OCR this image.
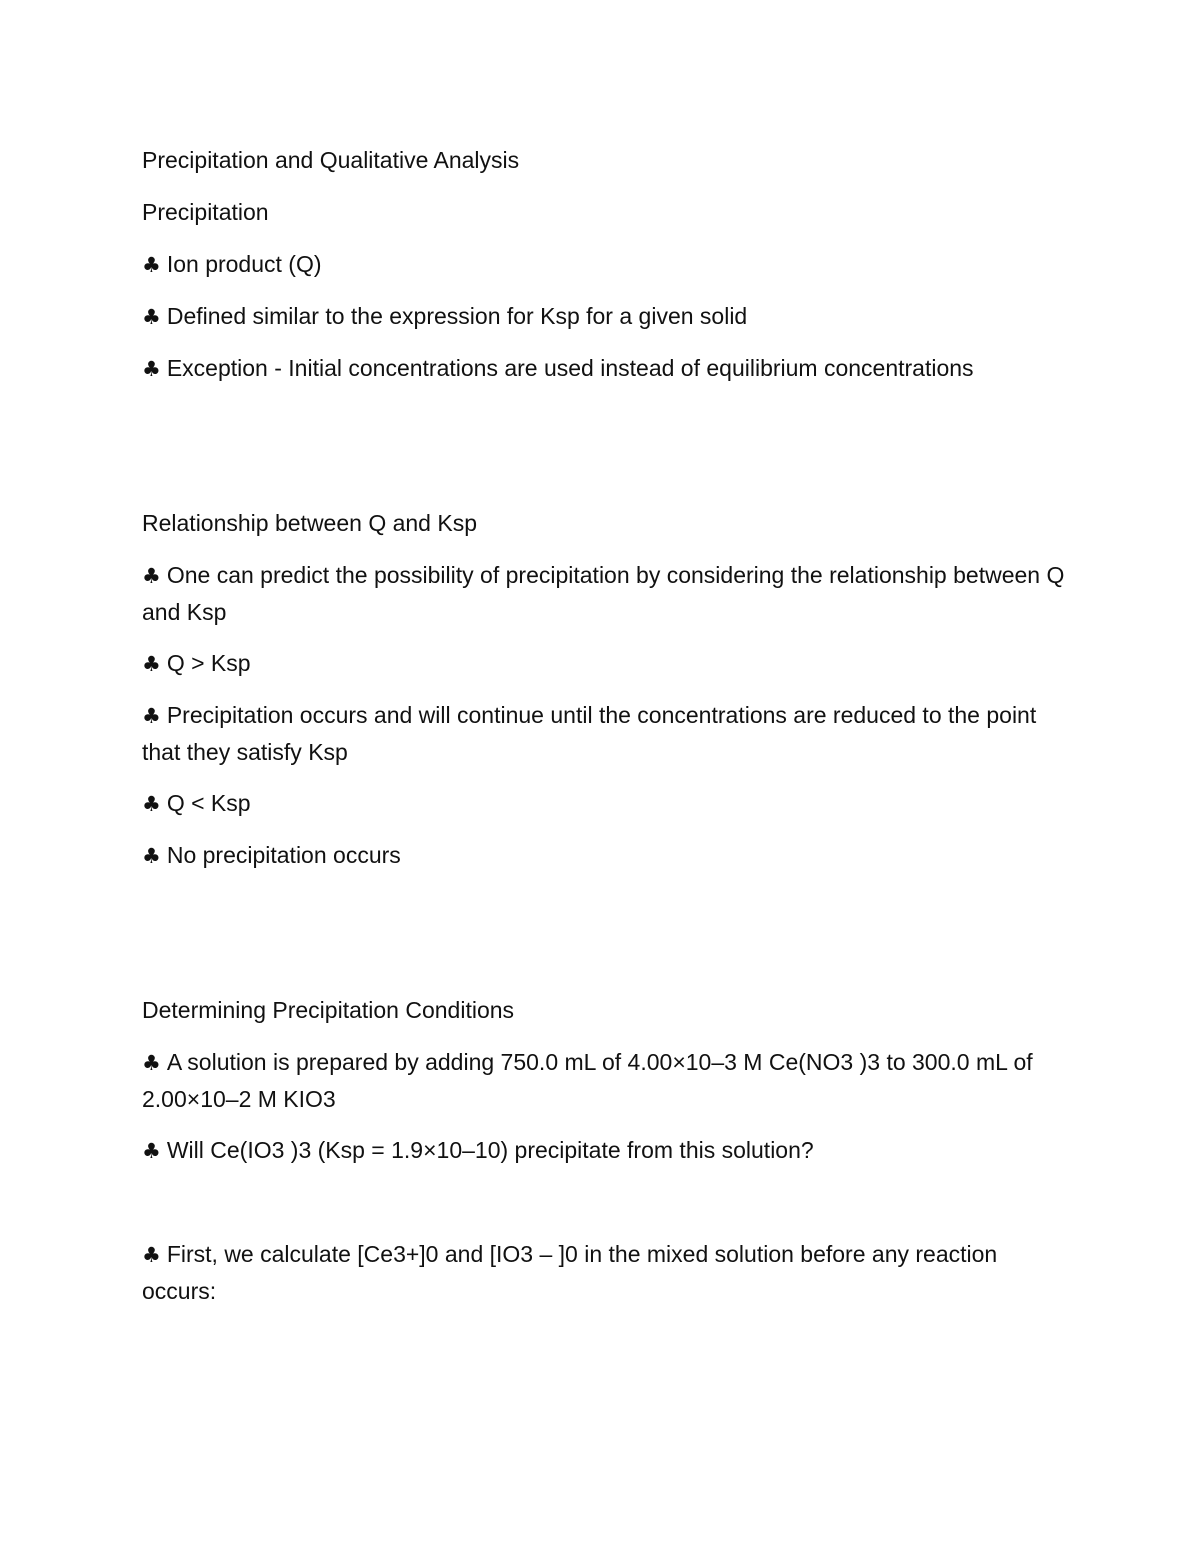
Precipitation and Qualitative Analysis

Precipitation

♣ Ion product (Q)

♣ Defined similar to the expression for Ksp for a given solid

♣ Exception - Initial concentrations are used instead of equilibrium concentrations

Relationship between Q and Ksp

♣ One can predict the possibility of precipitation by considering the relationship between Q and Ksp

♣ Q > Ksp

♣ Precipitation occurs and will continue until the concentrations are reduced to the point that they satisfy Ksp

♣ Q < Ksp

♣ No precipitation occurs

Determining Precipitation Conditions

♣ A solution is prepared by adding 750.0 mL of 4.00×10–3 M Ce(NO3 )3 to 300.0 mL of 2.00×10–2 M KIO3

♣ Will Ce(IO3 )3 (Ksp = 1.9×10–10) precipitate from this solution?

♣ First, we calculate [Ce3+]0 and [IO3 – ]0 in the mixed solution before any reaction occurs:
